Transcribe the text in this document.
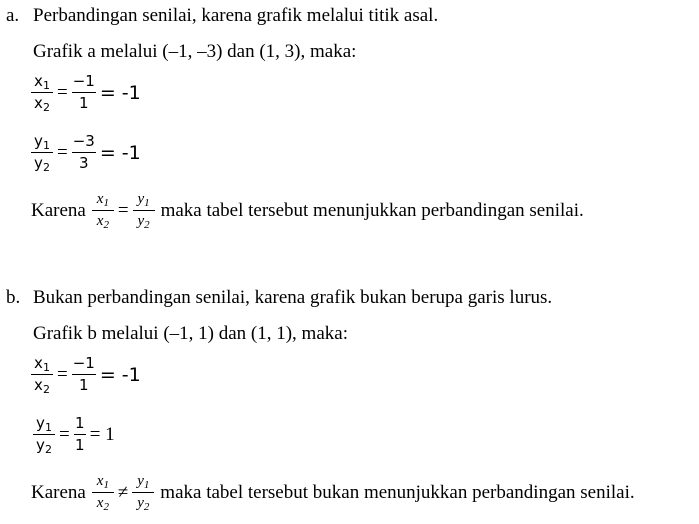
a. Perbandingan senilai, karena grafik melalui titik asal.
Grafik a melalui (–1, –3) dan (1, 3), maka:
$\frac{x_1}{x_2} = \frac{-1}{1} = -1$
$\frac{y_1}{y_2} = \frac{-3}{3} = -1$
Karena $\frac{x_1}{x_2} = \frac{y_1}{y_2}$ maka tabel tersebut menunjukkan perbandingan senilai.
b. Bukan perbandingan senilai, karena grafik bukan berupa garis lurus.
Grafik b melalui (–1, 1) dan (1, 1), maka:
$\frac{x_1}{x_2} = \frac{-1}{1} = -1$
$\frac{y_1}{y_2} = \frac{1}{1} = 1$
Karena $\frac{x_1}{x_2} \ne \frac{y_1}{y_2}$ maka tabel tersebut bukan menunjukkan perbandingan senilai.
